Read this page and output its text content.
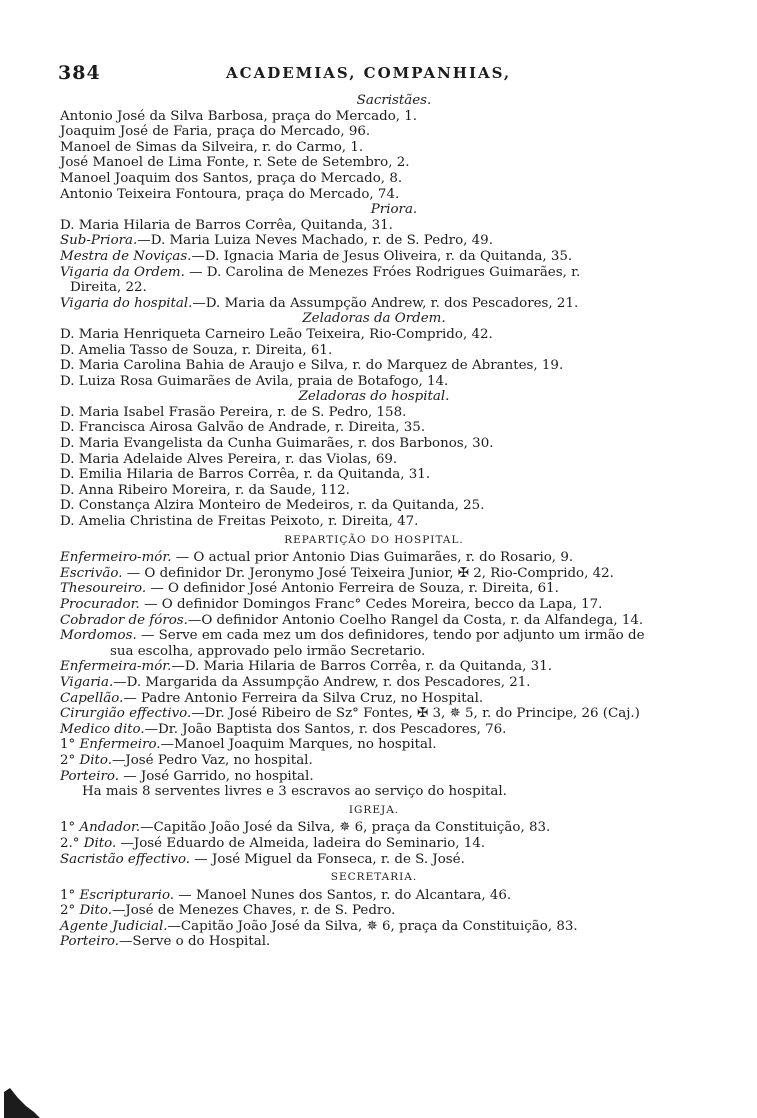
384	ACADEMIAS, COMPANHIAS,
Sacristães.
Antonio José da Silva Barbosa, praça do Mercado, 1.
Joaquim José de Faria, praça do Mercado, 96.
Manoel de Simas da Silveira, r. do Carmo, 1.
José Manoel de Lima Fonte, r. Sete de Setembro, 2.
Manoel Joaquim dos Santos, praça do Mercado, 8.
Antonio Teixeira Fontoura, praça do Mercado, 74.
Priora.
D. Maria Hilaria de Barros Corrêa, Quitanda, 31.
Sub-Priora.—D. Maria Luiza Neves Machado, r. de S. Pedro, 49.
Mestra de Noviças.—D. Ignacia Maria de Jesus Oliveira, r. da Quitanda, 35.
Vigaria da Ordem. — D. Carolina de Menezes Fróes Rodrigues Guimarães, r.
Direita, 22.
Vigaria do hospital.—D. Maria da Assumpção Andrew, r. dos Pescadores, 21.
Zeladoras da Ordem.
D. Maria Henriqueta Carneiro Leão Teixeira, Rio-Comprido, 42.
D. Amelia Tasso de Souza, r. Direita, 61.
D. Maria Carolina Bahia de Araujo e Silva, r. do Marquez de Abrantes, 19.
D. Luiza Rosa Guimarães de Avila, praia de Botafogo, 14.
Zeladoras do hospital.
D. Maria Isabel Frasão Pereira, r. de S. Pedro, 158.
D. Francisca Airosa Galvão de Andrade, r. Direita, 35.
D. Maria Evangelista da Cunha Guimarães, r. dos Barbonos, 30.
D. Maria Adelaide Alves Pereira, r. das Violas, 69.
D. Emilia Hilaria de Barros Corrêa, r. da Quitanda, 31.
D. Anna Ribeiro Moreira, r. da Saude, 112.
D. Constança Alzira Monteiro de Medeiros, r. da Quitanda, 25.
D. Amelia Christina de Freitas Peixoto, r. Direita, 47.
REPARTIÇÃO DO HOSPITAL.
Enfermeiro-mór. — O actual prior Antonio Dias Guimarães, r. do Rosario, 9.
Escrivão. — O definidor Dr. Jeronymo José Teixeira Junior, ✠ 2, Rio-Comprido, 42.
Thesoureiro. — O definidor José Antonio Ferreira de Souza, r. Direita, 61.
Procurador. — O definidor Domingos Franc° Cedes Moreira, becco da Lapa, 17.
Cobrador de fóros.—O definidor Antonio Coelho Rangel da Costa, r. da Alfandega, 14.
Mordomos. — Serve em cada mez um dos definidores, tendo por adjunto um irmão de
sua escolha, approvado pelo irmão Secretario.
Enfermeira-mór.—D. Maria Hilaria de Barros Corrêa, r. da Quitanda, 31.
Vigaria.—D. Margarida da Assumpção Andrew, r. dos Pescadores, 21.
Capellão.— Padre Antonio Ferreira da Silva Cruz, no Hospital.
Cirurgião effectivo.—Dr. José Ribeiro de Sz° Fontes, ✠ 3, ✵ 5, r. do Principe, 26 (Caj.)
Medico dito.—Dr. João Baptista dos Santos, r. dos Pescadores, 76.
1° Enfermeiro.—Manoel Joaquim Marques, no hospital.
2° Dito.—José Pedro Vaz, no hospital.
Porteiro. — José Garrido, no hospital.
Ha mais 8 serventes livres e 3 escravos ao serviço do hospital.
IGREJA.
1° Andador.—Capitão João José da Silva, ✵ 6, praça da Constituição, 83.
2.° Dito. —José Eduardo de Almeida, ladeira do Seminario, 14.
Sacristão effectivo. — José Miguel da Fonseca, r. de S. José.
SECRETARIA.
1° Escripturario. — Manoel Nunes dos Santos, r. do Alcantara, 46.
2° Dito.—José de Menezes Chaves, r. de S. Pedro.
Agente Judicial.—Capitão João José da Silva, ✵ 6, praça da Constituição, 83.
Porteiro.—Serve o do Hospital.
